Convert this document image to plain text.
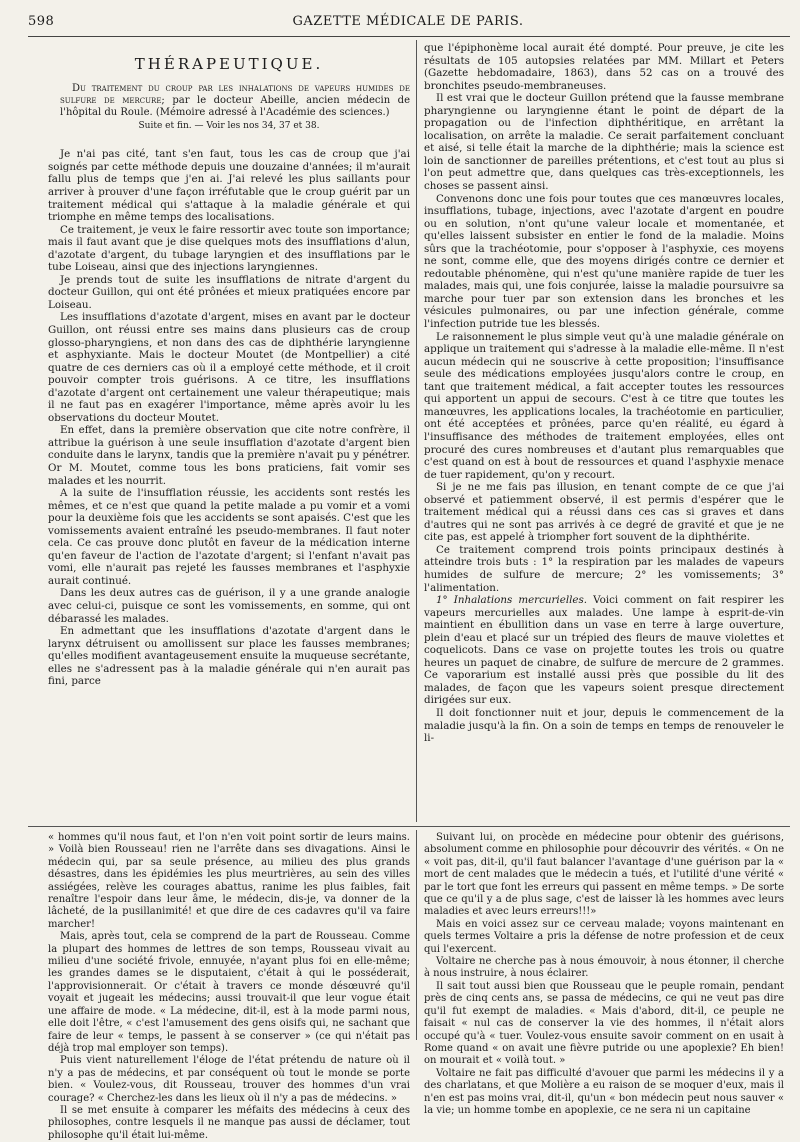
598	GAZETTE MÉDICALE DE PARIS.
THÉRAPEUTIQUE.

Du traitement du croup par les inhalations de vapeurs humides de sulfure de mercure; par le docteur Abeille, ancien médecin de l'hôpital du Roule. (Mémoire adressé à l'Académie des sciences.)

Suite et fin. — Voir les nos 34, 37 et 38.

Je n'ai pas cité, tant s'en faut, tous les cas de croup que j'ai soignés par cette méthode depuis une douzaine d'années; il m'aurait fallu plus de temps que j'en ai. J'ai relevé les plus saillants pour arriver à prouver d'une façon irréfutable que le croup guérit par un traitement médical qui s'attaque à la maladie générale et qui triomphe en même temps des localisations.

Ce traitement, je veux le faire ressortir avec toute son importance; mais il faut avant que je dise quelques mots des insufflations d'alun, d'azotate d'argent, du tubage laryngien et des insufflations par le tube Loiseau, ainsi que des injections laryngiennes.

Je prends tout de suite les insufflations de nitrate d'argent du docteur Guillon, qui ont été prônées et mieux pratiquées encore par Loiseau.

Les insufflations d'azotate d'argent, mises en avant par le docteur Guillon, ont réussi entre ses mains dans plusieurs cas de croup glosso-pharyngiens, et non dans des cas de diphthérie laryngienne et asphyxiante. Mais le docteur Moutet (de Montpellier) a cité quatre de ces derniers cas où il a employé cette méthode, et il croit pouvoir compter trois guérisons. A ce titre, les insufflations d'azotate d'argent ont certainement une valeur thérapeutique; mais il ne faut pas en exagérer l'importance, même après avoir lu les observations du docteur Moutet.

En effet, dans la première observation que cite notre confrère, il attribue la guérison à une seule insufflation d'azotate d'argent bien conduite dans le larynx, tandis que la première n'avait pu y pénétrer. Or M. Moutet, comme tous les bons praticiens, fait vomir ses malades et les nourrit.

A la suite de l'insufflation réussie, les accidents sont restés les mêmes, et ce n'est que quand la petite malade a pu vomir et a vomi pour la deuxième fois que les accidents se sont apaisés. C'est que les vomissements avaient entraîné les pseudo-membranes. Il faut noter cela. Ce cas prouve donc plutôt en faveur de la médication interne qu'en faveur de l'action de l'azotate d'argent; si l'enfant n'avait pas vomi, elle n'aurait pas rejeté les fausses membranes et l'asphyxie aurait continué.

Dans les deux autres cas de guérison, il y a une grande analogie avec celui-ci, puisque ce sont les vomissements, en somme, qui ont débarassé les malades.

En admettant que les insufflations d'azotate d'argent dans le larynx détruisent ou amollissent sur place les fausses membranes; qu'elles modifient avantageusement ensuite la muqueuse secrétante, elles ne s'adressent pas à la maladie générale qui n'en aurait pas fini, parce

que l'épiphonème local aurait été dompté. Pour preuve, je cite les résultats de 105 autopsies relatées par MM. Millart et Peters (Gazette hebdomadaire, 1863), dans 52 cas on a trouvé des bronchites pseudo-membraneuses.

Il est vrai que le docteur Guillon prétend que la fausse membrane pharyngienne ou laryngienne étant le point de départ de la propagation ou de l'infection diphthéritique, en arrêtant la localisation, on arrête la maladie. Ce serait parfaitement concluant et aisé, si telle était la marche de la diphthérie; mais la science est loin de sanctionner de pareilles prétentions, et c'est tout au plus si l'on peut admettre que, dans quelques cas très-exceptionnels, les choses se passent ainsi.

Convenons donc une fois pour toutes que ces manœuvres locales, insufflations, tubage, injections, avec l'azotate d'argent en poudre ou en solution, n'ont qu'une valeur locale et momentanée, et qu'elles laissent subsister en entier le fond de la maladie. Moins sûrs que la trachéotomie, pour s'opposer à l'asphyxie, ces moyens ne sont, comme elle, que des moyens dirigés contre ce dernier et redoutable phénomène, qui n'est qu'une manière rapide de tuer les malades, mais qui, une fois conjurée, laisse la maladie poursuivre sa marche pour tuer par son extension dans les bronches et les vésicules pulmonaires, ou par une infection générale, comme l'infection putride tue les blessés.

Le raisonnement le plus simple veut qu'à une maladie générale on applique un traitement qui s'adresse à la maladie elle-même. Il n'est aucun médecin qui ne souscrive à cette proposition; l'insuffisance seule des médications employées jusqu'alors contre le croup, en tant que traitement médical, a fait accepter toutes les ressources qui apportent un appui de secours. C'est à ce titre que toutes les manœuvres, les applications locales, la trachéotomie en particulier, ont été acceptées et prônées, parce qu'en réalité, eu égard à l'insuffisance des méthodes de traitement employées, elles ont procuré des cures nombreuses et d'autant plus remarquables que c'est quand on est à bout de ressources et quand l'asphyxie menace de tuer rapidement, qu'on y recourt.

Si je ne me fais pas illusion, en tenant compte de ce que j'ai observé et patiemment observé, il est permis d'espérer que le traitement médical qui a réussi dans ces cas si graves et dans d'autres qui ne sont pas arrivés à ce degré de gravité et que je ne cite pas, est appelé à triompher fort souvent de la diphthérite.

Ce traitement comprend trois points principaux destinés à atteindre trois buts : 1° la respiration par les malades de vapeurs humides de sulfure de mercure; 2° les vomissements; 3° l'alimentation.

1° Inhalations mercurielles. Voici comment on fait respirer les vapeurs mercurielles aux malades. Une lampe à esprit-de-vin maintient en ébullition dans un vase en terre à large ouverture, plein d'eau et placé sur un trépied des fleurs de mauve violettes et coquelicots. Dans ce vase on projette toutes les trois ou quatre heures un paquet de cinabre, de sulfure de mercure de 2 grammes. Ce vaporarium est installé aussi près que possible du lit des malades, de façon que les vapeurs soient presque directement dirigées sur eux.

Il doit fonctionner nuit et jour, depuis le commencement de la maladie jusqu'à la fin. On a soin de temps en temps de renouveler le li-

« hommes qu'il nous faut, et l'on n'en voit point sortir de leurs mains. » Voilà bien Rousseau! rien ne l'arrête dans ses divagations. Ainsi le médecin qui, par sa seule présence, au milieu des plus grands désastres, dans les épidémies les plus meurtrières, au sein des villes assiégées, relève les courages abattus, ranime les plus faibles, fait renaître l'espoir dans leur âme, le médecin, dis-je, va donner de la lâcheté, de la pusillanimité! et que dire de ces cadavres qu'il va faire marcher!

Mais, après tout, cela se comprend de la part de Rousseau. Comme la plupart des hommes de lettres de son temps, Rousseau vivait au milieu d'une société frivole, ennuyée, n'ayant plus foi en elle-même; les grandes dames se le disputaient, c'était à qui le posséderait, l'approvisionnerait. Or c'était à travers ce monde désœuvré qu'il voyait et jugeait les médecins; aussi trouvait-il que leur vogue était une affaire de mode. « La médecine, dit-il, est à la mode parmi nous, elle doit l'être, « c'est l'amusement des gens oisifs qui, ne sachant que faire de leur « temps, le passent à se conserver » (ce qui n'était pas déjà trop mal employer son temps).

Puis vient naturellement l'éloge de l'état prétendu de nature où il n'y a pas de médecins, et par conséquent où tout le monde se porte bien. « Voulez-vous, dit Rousseau, trouver des hommes d'un vrai courage? « Cherchez-les dans les lieux où il n'y a pas de médecins. »

Il se met ensuite à comparer les méfaits des médecins à ceux des philosophes, contre lesquels il ne manque pas aussi de déclamer, tout philosophe qu'il était lui-même.

Suivant lui, on procède en médecine pour obtenir des guérisons, absolument comme en philosophie pour découvrir des vérités. « On ne « voit pas, dit-il, qu'il faut balancer l'avantage d'une guérison par la « mort de cent malades que le médecin a tués, et l'utilité d'une vérité « par le tort que font les erreurs qui passent en même temps. » De sorte que ce qu'il y a de plus sage, c'est de laisser là les hommes avec leurs maladies et avec leurs erreurs!!!»

Mais en voici assez sur ce cerveau malade; voyons maintenant en quels termes Voltaire a pris la défense de notre profession et de ceux qui l'exercent.

Voltaire ne cherche pas à nous émouvoir, à nous étonner, il cherche à nous instruire, à nous éclairer.

Il sait tout aussi bien que Rousseau que le peuple romain, pendant près de cinq cents ans, se passa de médecins, ce qui ne veut pas dire qu'il fut exempt de maladies. « Mais d'abord, dit-il, ce peuple ne faisait « nul cas de conserver la vie des hommes, il n'était alors occupé qu'à « tuer. Voulez-vous ensuite savoir comment on en usait à Rome quand « on avait une fièvre putride ou une apoplexie? Eh bien! on mourait et « voilà tout. »

Voltaire ne fait pas difficulté d'avouer que parmi les médecins il y a des charlatans, et que Molière a eu raison de se moquer d'eux, mais il n'en est pas moins vrai, dit-il, qu'un « bon médecin peut nous sauver « la vie; un homme tombe en apoplexie, ce ne sera ni un capitaine
